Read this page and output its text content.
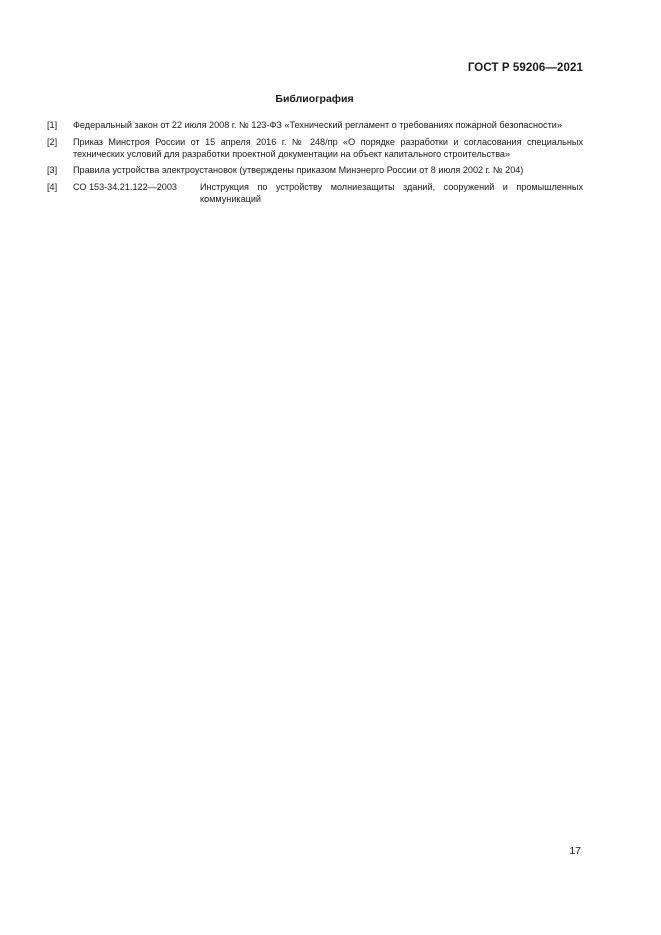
ГОСТ Р 59206—2021
Библиография
[1]	Федеральный закон от 22 июля 2008 г. № 123-ФЗ «Технический регламент о требованиях пожарной безопасности»
[2]	Приказ Минстроя России от 15 апреля 2016 г. № 248/пр «О порядке разработки и согласования специальных технических условий для разработки проектной документации на объект капитального строительства»
[3]	Правила устройства электроустановок (утверждены приказом Минэнерго России от 8 июля 2002 г. № 204)
[4]	СО 153-34.21.122—2003	Инструкция по устройству молниезащиты зданий, сооружений и промышленных коммуникаций
17
